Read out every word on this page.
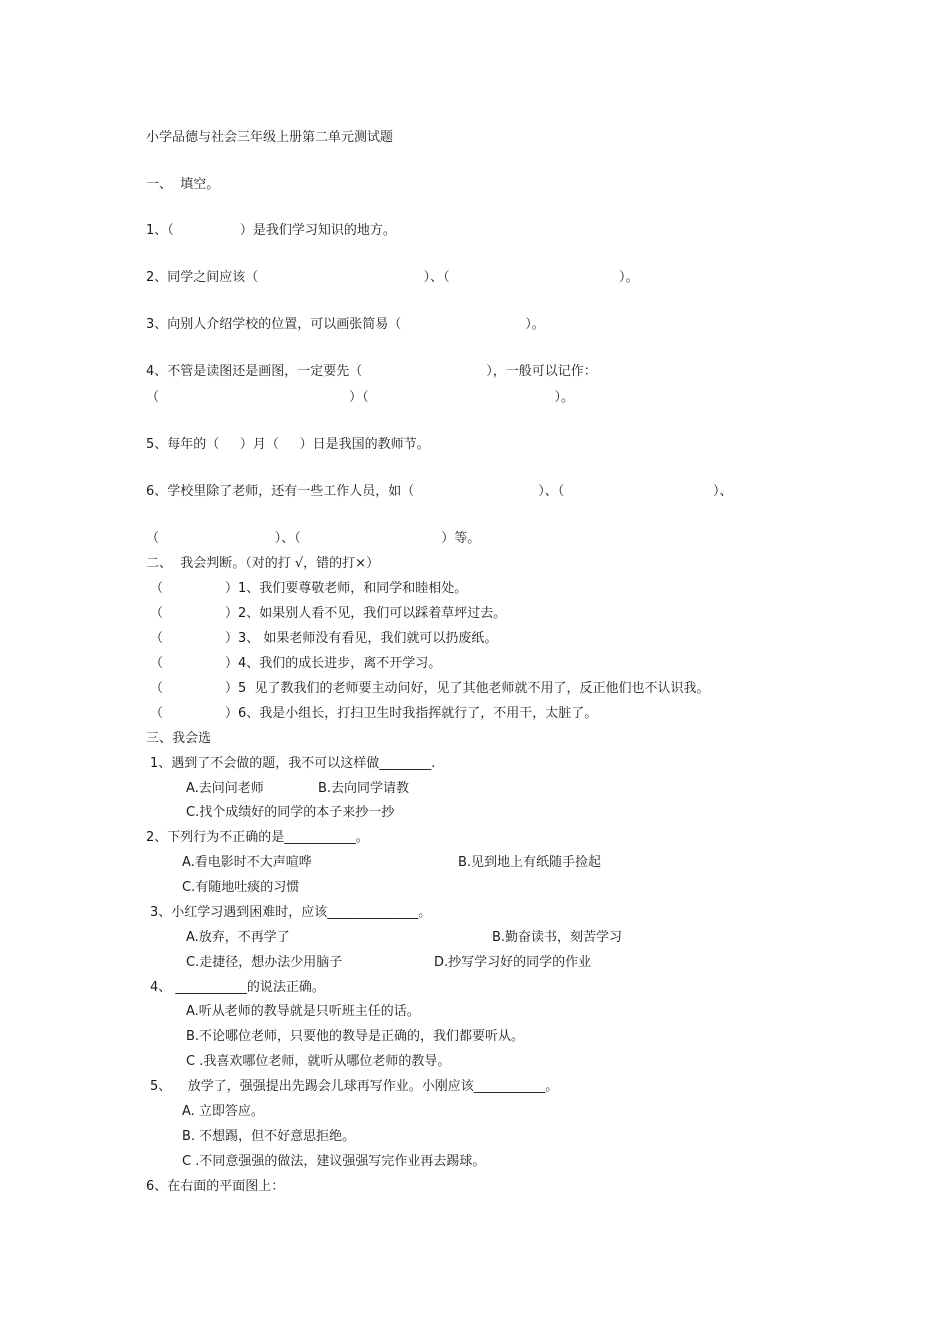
小学品德与社会三年级上册第二单元测试题
一、  填空。
1、（                ）是我们学习知识的地方。
2、同学之间应该（                                        ）、（                                         ）。
3、向别人介绍学校的位置，可以画张简易（                              ）。
4、不管是读图还是画图，一定要先（                              ），一般可以记作：
（                                              ）（                                             ）。
5、每年的（     ）月（     ）日是我国的教师节。
6、学校里除了老师，还有一些工作人员，如（                              ）、（                                    ）、
（                            ）、（                                  ）等。
二、  我会判断。（对的打 √，错的打×）
（               ）1、我们要尊敬老师，和同学和睦相处。
（               ）2、如果别人看不见，我们可以踩着草坪过去。
（               ）3、 如果老师没有看见，我们就可以扔废纸。
（               ）4、我们的成长进步，离不开学习。
（               ）5  见了教我们的老师要主动问好，见了其他老师就不用了，反正他们也不认识我。
（               ）6、我是小组长，打扫卫生时我指挥就行了，不用干，太脏了。
三、我会选
1、遇到了不会做的题，我不可以这样做________.
A.去问问老师	B.去向同学请教
C.找个成绩好的同学的本子来抄一抄
2、下列行为不正确的是___________。
A.看电影时不大声喧哗	B.见到地上有纸随手捡起
C.有随地吐痰的习惯
3、小红学习遇到困难时，应该______________。
A.放弃，不再学了	B.勤奋读书，刻苦学习
C.走捷径，想办法少用脑子	D.抄写学习好的同学的作业
4、 ___________的说法正确。
A.听从老师的教导就是只听班主任的话。
B.不论哪位老师，只要他的教导是正确的，我们都要听从。
C .我喜欢哪位老师，就听从哪位老师的教导。
5、    放学了，强强提出先踢会儿球再写作业。小刚应该___________。
A. 立即答应。
B. 不想踢，但不好意思拒绝。
C .不同意强强的做法，建议强强写完作业再去踢球。
6、在右面的平面图上：
